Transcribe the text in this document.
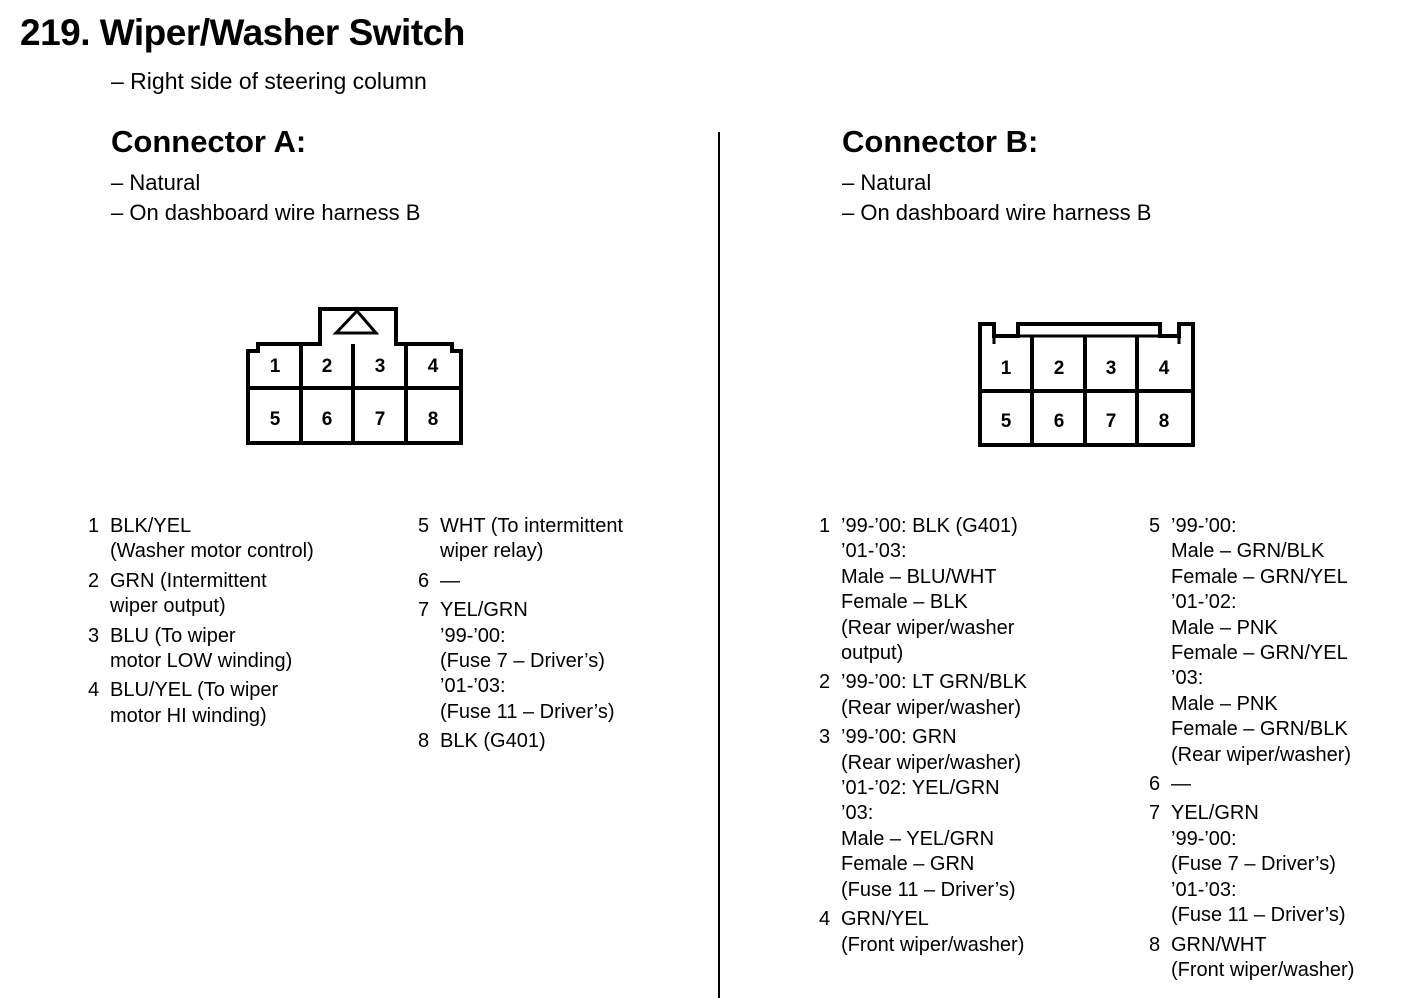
219. Wiper/Washer Switch
– Right side of steering column
Connector A:
– Natural
– On dashboard wire harness B
Connector B:
– Natural
– On dashboard wire harness B
1 2 3 4
5 6 7 8
1 2 3 4
5 6 7 8
1 BLK/YEL
(Washer motor control)
2 GRN (Intermittent
wiper output)
3 BLU (To wiper
motor LOW winding)
4 BLU/YEL (To wiper
motor HI winding)
5 WHT (To intermittent
wiper relay)
6 —
7 YEL/GRN
’99-’00:
(Fuse 7 – Driver’s)
’01-’03:
(Fuse 11 – Driver’s)
8 BLK (G401)
1 ’99-’00: BLK (G401)
’01-’03:
Male – BLU/WHT
Female – BLK
(Rear wiper/washer
output)
2 ’99-’00: LT GRN/BLK
(Rear wiper/washer)
3 ’99-’00: GRN
(Rear wiper/washer)
’01-’02: YEL/GRN
’03:
Male – YEL/GRN
Female – GRN
(Fuse 11 – Driver’s)
4 GRN/YEL
(Front wiper/washer)
5 ’99-’00:
Male – GRN/BLK
Female – GRN/YEL
’01-’02:
Male – PNK
Female – GRN/YEL
’03:
Male – PNK
Female – GRN/BLK
(Rear wiper/washer)
6 —
7 YEL/GRN
’99-’00:
(Fuse 7 – Driver’s)
’01-’03:
(Fuse 11 – Driver’s)
8 GRN/WHT
(Front wiper/washer)
